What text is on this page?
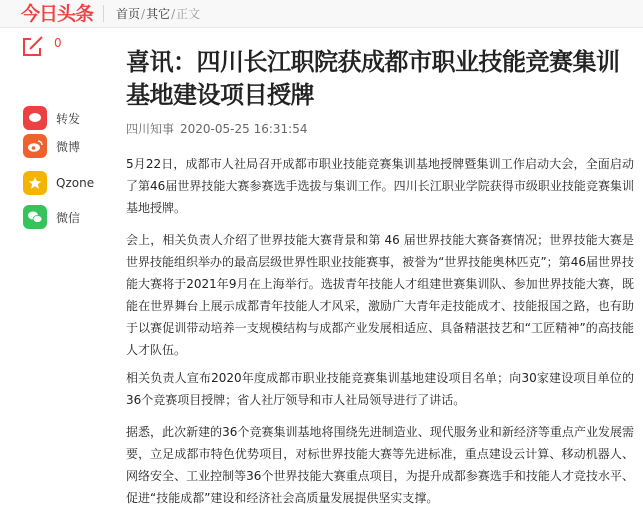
今日头条 首页/其它/正文
0
转发
微博
Qzone
微信
喜讯：四川长江职院获成都市职业技能竞赛集训基地建设项目授牌
四川知事 2020-05-25 16:31:54

5月22日，成都市人社局召开成都市职业技能竞赛集训基地授牌暨集训工作启动大会，全面启动了第46届世界技能大赛参赛选手选拔与集训工作。四川长江职业学院获得市级职业技能竞赛集训基地授牌。

会上，相关负责人介绍了世界技能大赛背景和第 46 届世界技能大赛备赛情况；世界技能大赛是世界技能组织举办的最高层级世界性职业技能赛事，被誉为“世界技能奥林匹克”；第46届世界技能大赛将于2021年9月在上海举行。选拔青年技能人才组建世赛集训队、参加世界技能大赛，既能在世界舞台上展示成都青年技能人才风采，激励广大青年走技能成才、技能报国之路，也有助于以赛促训带动培养一支规模结构与成都产业发展相适应、具备精湛技艺和“工匠精神”的高技能人才队伍。

相关负责人宣布2020年度成都市职业技能竞赛集训基地建设项目名单；向30家建设项目单位的36个竞赛项目授牌；省人社厅领导和市人社局领导进行了讲话。

据悉，此次新建的36个竞赛集训基地将围绕先进制造业、现代服务业和新经济等重点产业发展需要，立足成都市特色优势项目，对标世界技能大赛等先进标准，重点建设云计算、移动机器人、网络安全、工业控制等36个世界技能大赛重点项目，为提升成都参赛选手和技能人才竞技水平、促进“技能成都”建设和经济社会高质量发展提供坚实支撑。
